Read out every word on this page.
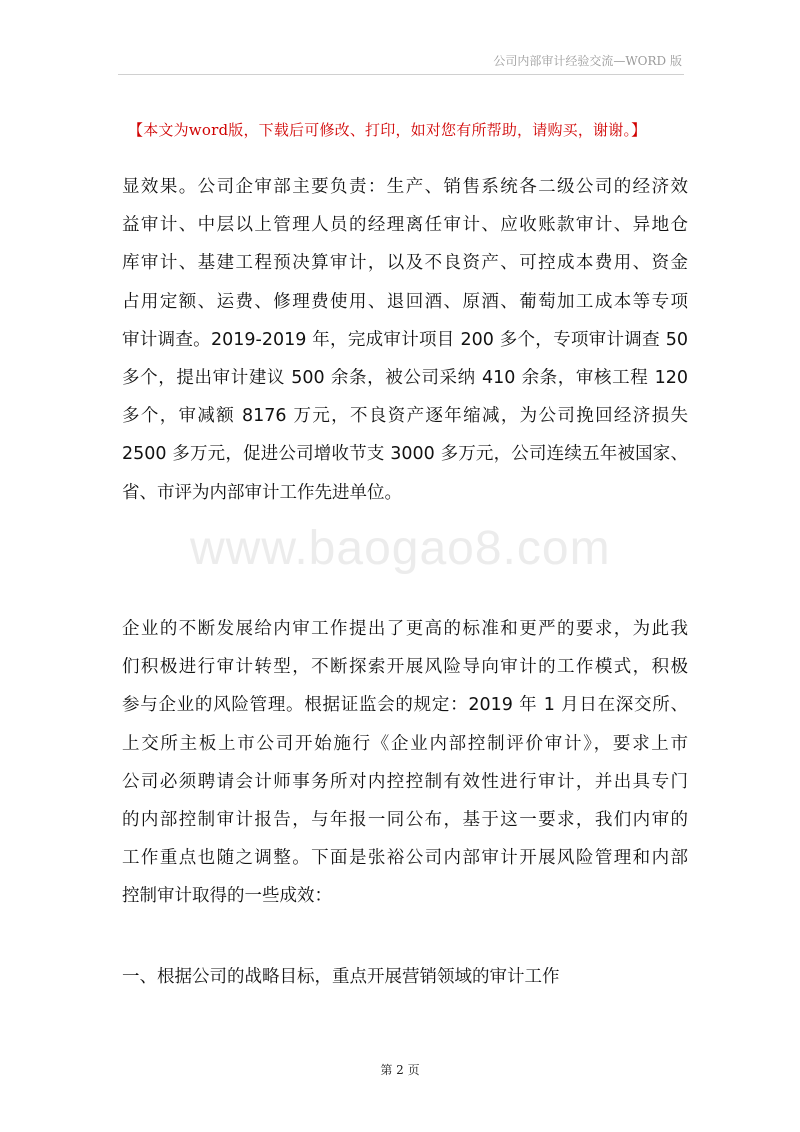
公司内部审计经验交流—WORD 版
【本文为word版，下载后可修改、打印，如对您有所帮助，请购买，谢谢。】
www.baogao8.com
显效果。公司企审部主要负责：生产、销售系统各二级公司的经济效
益审计、中层以上管理人员的经理离任审计、应收账款审计、异地仓
库审计、基建工程预决算审计，以及不良资产、可控成本费用、资金
占用定额、运费、修理费使用、退回酒、原酒、葡萄加工成本等专项
审计调查。2019-2019 年，完成审计项目 200 多个，专项审计调查 50
多个，提出审计建议 500 余条，被公司采纳 410 余条，审核工程 120
多个，审减额 8176 万元，不良资产逐年缩减，为公司挽回经济损失
2500 多万元，促进公司增收节支 3000 多万元，公司连续五年被国家、
省、市评为内部审计工作先进单位。
企业的不断发展给内审工作提出了更高的标准和更严的要求，为此我
们积极进行审计转型，不断探索开展风险导向审计的工作模式，积极
参与企业的风险管理。根据证监会的规定：2019 年 1 月日在深交所、
上交所主板上市公司开始施行《企业内部控制评价审计》，要求上市
公司必须聘请会计师事务所对内控控制有效性进行审计，并出具专门
的内部控制审计报告，与年报一同公布，基于这一要求，我们内审的
工作重点也随之调整。下面是张裕公司内部审计开展风险管理和内部
控制审计取得的一些成效：
一、根据公司的战略目标，重点开展营销领域的审计工作
第 2 页
